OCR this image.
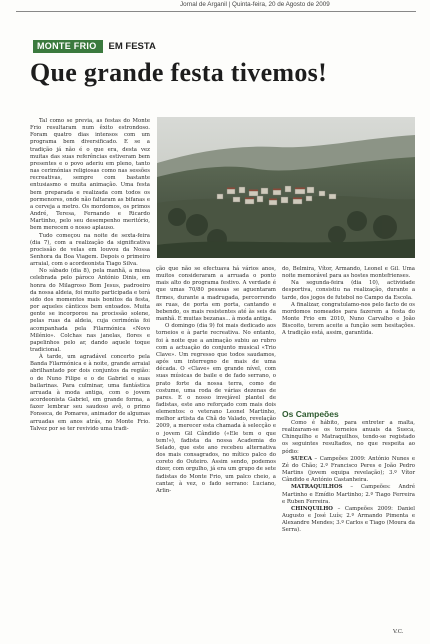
Jornal de Arganil | Quinta-feira, 20 de Agosto de 2009
MONTE FRIO	EM FESTA
Que grande festa tivemos!

Tal como se previa, as festas do Monte Frio resultaram num êxito estrondoso. Foram quatro dias intensos com um programa bem diversificado. E se a tradição já não é o que era, desta vez muitas das suas referências estiveram bem presentes e o povo aderiu em pleno, tanto nas cerimónias religiosas como nas sessões recreativas, sempre com bastante entusiasmo e muita animação. Uma festa bem preparada e realizada com todos os pormenores, onde não faltaram as bifanas e a cerveja a metro. Os mordomos, os primos André, Teresa, Fernando e Ricardo Martinho, pelo seu desempenho meritório, bem merecem o nosso aplauso.

Tudo começou na noite de sexta-feira (dia 7), com a realização da significativa procissão de velas em louvou da Nossa Senhora da Boa Viagem. Depois o primeiro arraial, com o acordeonista Tiago Silva.

No sábado (dia 8), pela manhã, a missa celebrada pelo pároco António Dinis, em honra do Milagroso Bom Jesus, padroeiro da nossa aldeia, foi muito participada e terá sido dos momentos mais bonitos da festa, por aqueles cânticos bem entoados. Muita gente se incorporou na procissão solene, pelas ruas da aldeia, cuja cerimónia foi acompanhada pela Filarmónica «Novo Milénio». Colchas nas janelas, flores e papelinhos pelo ar, dando aquele toque tradicional.

À tarde, um agradável concerto pela Banda Filarmónica e à noite, grande arraial abrilhantado por dois conjuntos da região: o de Nuno Filipe e o de Gabriel e suas bailarinas. Para culminar, uma fantástica arruada à moda antiga, com o jovem acordeonista Gabriel, em grande forma, a fazer lembrar seu saudoso avô, o primo Fonseca, de Pomares, animador de algumas arruadas em anos atrás, no Monte Frio. Talvez por se ter revivido uma tradi-

ção que não se efectuava há vários anos, muitos consideraram a arruada o ponto mais alto do programa festivo. A verdade é que umas 70/80 pessoas se aguentaram firmes, durante a madrugada, percorrendo as ruas, de porta em porta, cantando e bebendo, os mais resistentes até às seis da manhã. E muitas bezanas... à moda antiga.

O domingo (dia 9) foi mais dedicado aos torneios e à parte recreativa. No entanto, foi à noite que a animação subiu ao rubro com a actuação do conjunto musical «Trio Clave». Um regresso que todos saudamos, após um interregno de mais de uma década. O «Clave» em grande nível, com suas músicas de baile e de fado serrano, o prato forte da nossa terra, como de costume, uma roda de várias dezenas de pares. E o nosso invejável plantel de fadistas, este ano reforçado com mais dois elementos: o veterano Leonel Martinho, melhor artista da Chã do Valado, revelação 2009, a merecer esta chamada à selecção e o jovem Gil Cândido («Ele tem o que tem!»), fadista da nossa Academia do Selado, que este ano recebeu alternativa dos mais consagrados, no mítico palco do coreto do Outeiro. Assim sendo, podemos dizer, com orgulho, já era um grupo de sete fadistas do Monte Frio, um palco cheio, a cantar, à vez, o fado serrano: Luciano, Arlin-

do, Belmira, Vítor, Armando, Leonel e Gil. Uma noite memorável para as hostes montefrienses.

Na segunda-feira (dia 10), actividade desportiva, consistiu na realização, durante a tarde, dos jogos de futebol no Campo da Escola.

A finalizar, congratulamo-nos pelo facto de os mordomos nomeados para fazerem a festa do Monte Frio em 2010, Nuno Carvalho e João Biscoito, terem aceite a função sem hesitações. A tradição está, assim, garantida.

Os Campeões

Como é hábito, para entreter a malta, realizaram-se os torneios anuais da Sueca, Chinquilho e Matraquilhos, tendo-se registado os seguintes resultados, no que respeita ao pódio:

SUECA – Campeões 2009: António Nunes e Zé do Chão; 2.º Francisco Peres e João Pedro Martins (jovem equipa revelação); 3.º Vítor Cândido e António Castanheira.

MATRAQUILHOS – Campeões: André Martinho e Emídio Martinho; 2.º Tiago Ferreira e Ruben Ferreira.

CHINQUILHO – Campeões 2009: Daniel Augusto e José Luís; 2.º Armando Pimenta e Alexandre Mendes; 3.º Carlos e Tiago (Moura da Serra).

V.C.
